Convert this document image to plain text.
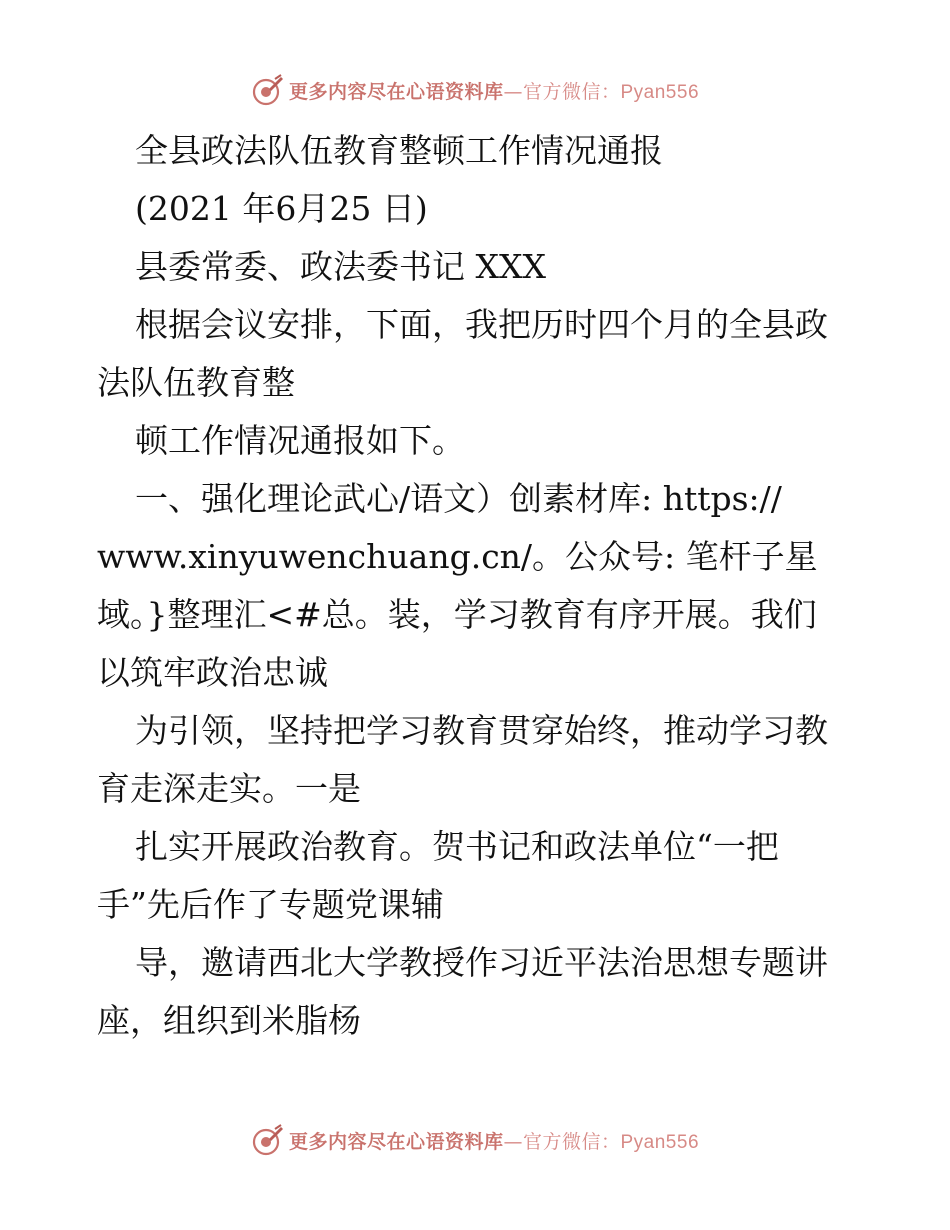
更多内容尽在心语资料库—官方微信：Pyan556
全县政法队伍教育整顿工作情况通报
(2021 年6月25 日)
县委常委、政法委书记 XXX
根据会议安排，下面，我把历时四个月的全县政
法队伍教育整
顿工作情况通报如下。
一、强化理论武心/语文）创素材库: https://
www.xinyuwenchuang.cn/。公众号: 笔杆子星
域。}整理汇<#总。装，学习教育有序开展。我们
以筑牢政治忠诚
为引领，坚持把学习教育贯穿始终，推动学习教
育走深走实。一是
扎实开展政治教育。贺书记和政法单位“一把
手”先后作了专题党课辅
导，邀请西北大学教授作习近平法治思想专题讲
座，组织到米脂杨
更多内容尽在心语资料库—官方微信：Pyan556
